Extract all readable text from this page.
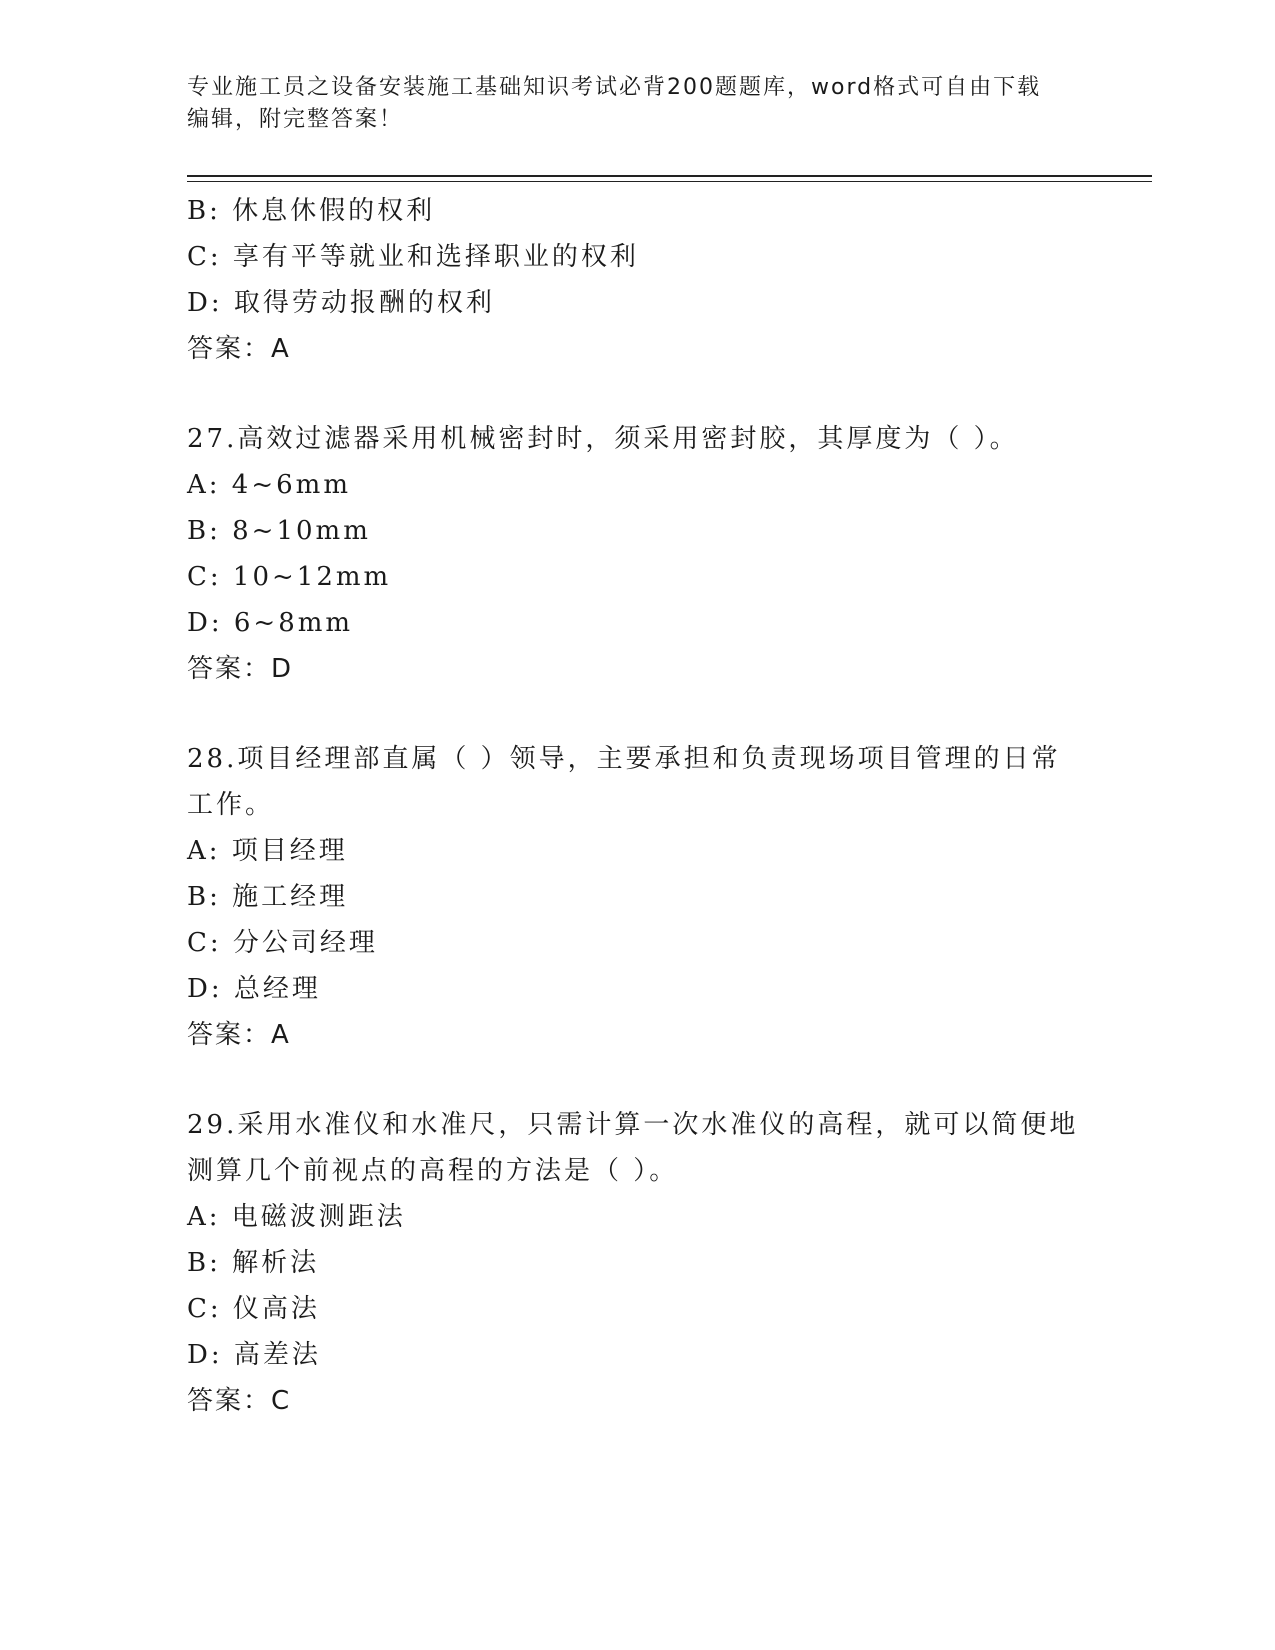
专业施工员之设备安装施工基础知识考试必背200题题库，word格式可自由下载
编辑，附完整答案！
B: 休息休假的权利
C: 享有平等就业和选择职业的权利
D: 取得劳动报酬的权利
答案：A
27.高效过滤器采用机械密封时，须采用密封胶，其厚度为（ ）。
A: 4~6mm
B: 8~10mm
C: 10~12mm
D: 6~8mm
答案：D
28.项目经理部直属（ ）领导，主要承担和负责现场项目管理的日常
工作。
A: 项目经理
B: 施工经理
C: 分公司经理
D: 总经理
答案：A
29.采用水准仪和水准尺，只需计算一次水准仪的高程，就可以简便地
测算几个前视点的高程的方法是（ ）。
A: 电磁波测距法
B: 解析法
C: 仪高法
D: 高差法
答案：C
